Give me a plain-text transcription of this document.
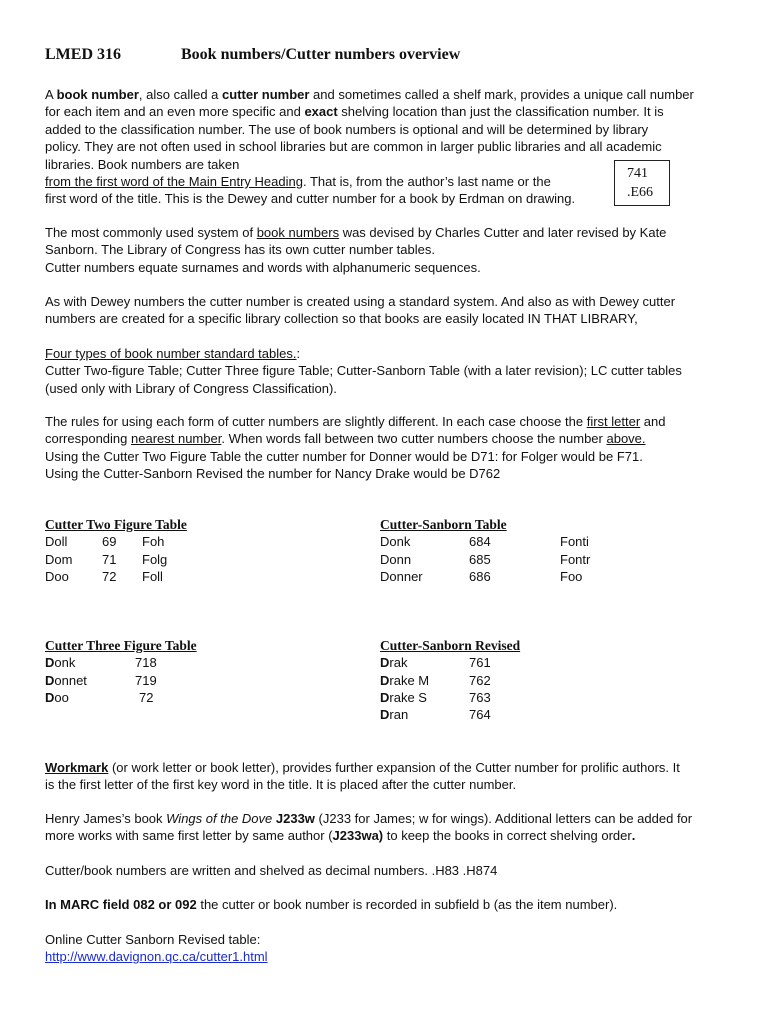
LMED 316	Book numbers/Cutter numbers overview
A book number, also called a cutter number and sometimes called a shelf mark, provides a unique call number
for each item and an even more specific and exact shelving location than just the classification number. It is
added to the classification number. The use of book numbers is optional and will be determined by library
policy. They are not often used in school libraries but are common in larger public libraries and all academic
libraries. Book numbers are taken
from the first word of the Main Entry Heading. That is, from the author’s last name or the
first word of the title. This is the Dewey and cutter number for a book by Erdman on drawing.
741
.E66
The most commonly used system of book numbers was devised by Charles Cutter and later revised by Kate
Sanborn. The Library of Congress has its own cutter number tables.
Cutter numbers equate surnames and words with alphanumeric sequences.
As with Dewey numbers the cutter number is created using a standard system. And also as with Dewey cutter
numbers are created for a specific library collection so that books are easily located IN THAT LIBRARY,
Four types of book number standard tables.:
Cutter Two-figure Table; Cutter Three figure Table; Cutter-Sanborn Table (with a later revision); LC cutter tables
(used only with Library of Congress Classification).
The rules for using each form of cutter numbers are slightly different. In each case choose the first letter and
corresponding nearest number. When words fall between two cutter numbers choose the number above.
Using the Cutter Two Figure Table the cutter number for Donner would be D71: for Folger would be F71.
Using the Cutter-Sanborn Revised the number for Nancy Drake would be D762
Cutter Two Figure Table
Doll	69 Foh
Dom 71 Folg
Doo	72 Foll
Cutter-Sanborn Table
Donk	684	Fonti
Donn	685	Fontr
Donner	686	Foo
Cutter Three Figure Table
Donk	718
Donnet	719
Doo	72
Cutter-Sanborn Revised
Drak	761
Drake M	762
Drake S	763
Dran	764
Workmark (or work letter or book letter), provides further expansion of the Cutter number for prolific authors. It
is the first letter of the first key word in the title. It is placed after the cutter number.
Henry James’s book Wings of the Dove J233w (J233 for James; w for wings). Additional letters can be added for
more works with same first letter by same author (J233wa) to keep the books in correct shelving order.
Cutter/book numbers are written and shelved as decimal numbers. .H83 .H874
In MARC field 082 or 092 the cutter or book number is recorded in subfield b (as the item number).
Online Cutter Sanborn Revised table:
http://www.davignon.qc.ca/cutter1.html
